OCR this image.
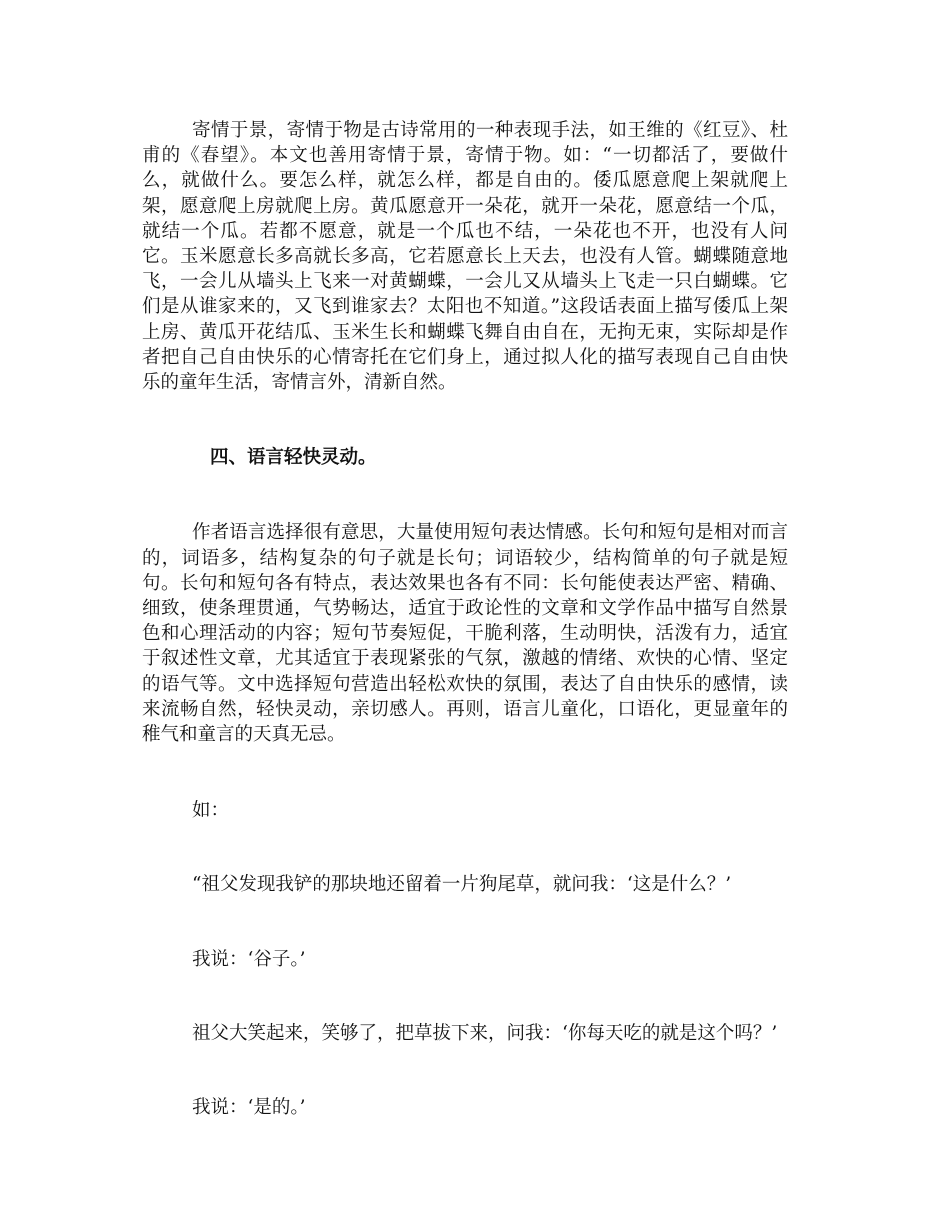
寄情于景，寄情于物是古诗常用的一种表现手法，如王维的《红豆》、杜甫的《春望》。本文也善用寄情于景，寄情于物。如：“一切都活了，要做什么，就做什么。要怎么样，就怎么样，都是自由的。倭瓜愿意爬上架就爬上架，愿意爬上房就爬上房。黄瓜愿意开一朵花，就开一朵花，愿意结一个瓜，就结一个瓜。若都不愿意，就是一个瓜也不结，一朵花也不开，也没有人问它。玉米愿意长多高就长多高，它若愿意长上天去，也没有人管。蝴蝶随意地飞，一会儿从墙头上飞来一对黄蝴蝶，一会儿又从墙头上飞走一只白蝴蝶。它们是从谁家来的，又飞到谁家去？太阳也不知道。”这段话表面上描写倭瓜上架上房、黄瓜开花结瓜、玉米生长和蝴蝶飞舞自由自在，无拘无束，实际却是作者把自己自由快乐的心情寄托在它们身上，通过拟人化的描写表现自己自由快乐的童年生活，寄情言外，清新自然。

四、语言轻快灵动。

作者语言选择很有意思，大量使用短句表达情感。长句和短句是相对而言的，词语多，结构复杂的句子就是长句；词语较少，结构简单的句子就是短句。长句和短句各有特点，表达效果也各有不同：长句能使表达严密、精确、细致，使条理贯通，气势畅达，适宜于政论性的文章和文学作品中描写自然景色和心理活动的内容；短句节奏短促，干脆利落，生动明快，活泼有力，适宜于叙述性文章，尤其适宜于表现紧张的气氛，激越的情绪、欢快的心情、坚定的语气等。文中选择短句营造出轻松欢快的氛围，表达了自由快乐的感情，读来流畅自然，轻快灵动，亲切感人。再则，语言儿童化，口语化，更显童年的稚气和童言的天真无忌。

如：

“祖父发现我铲的那块地还留着一片狗尾草，就问我：‘这是什么？’

我说：‘谷子。’

祖父大笑起来，笑够了，把草拔下来，问我：‘你每天吃的就是这个吗？’

我说：‘是的。’
